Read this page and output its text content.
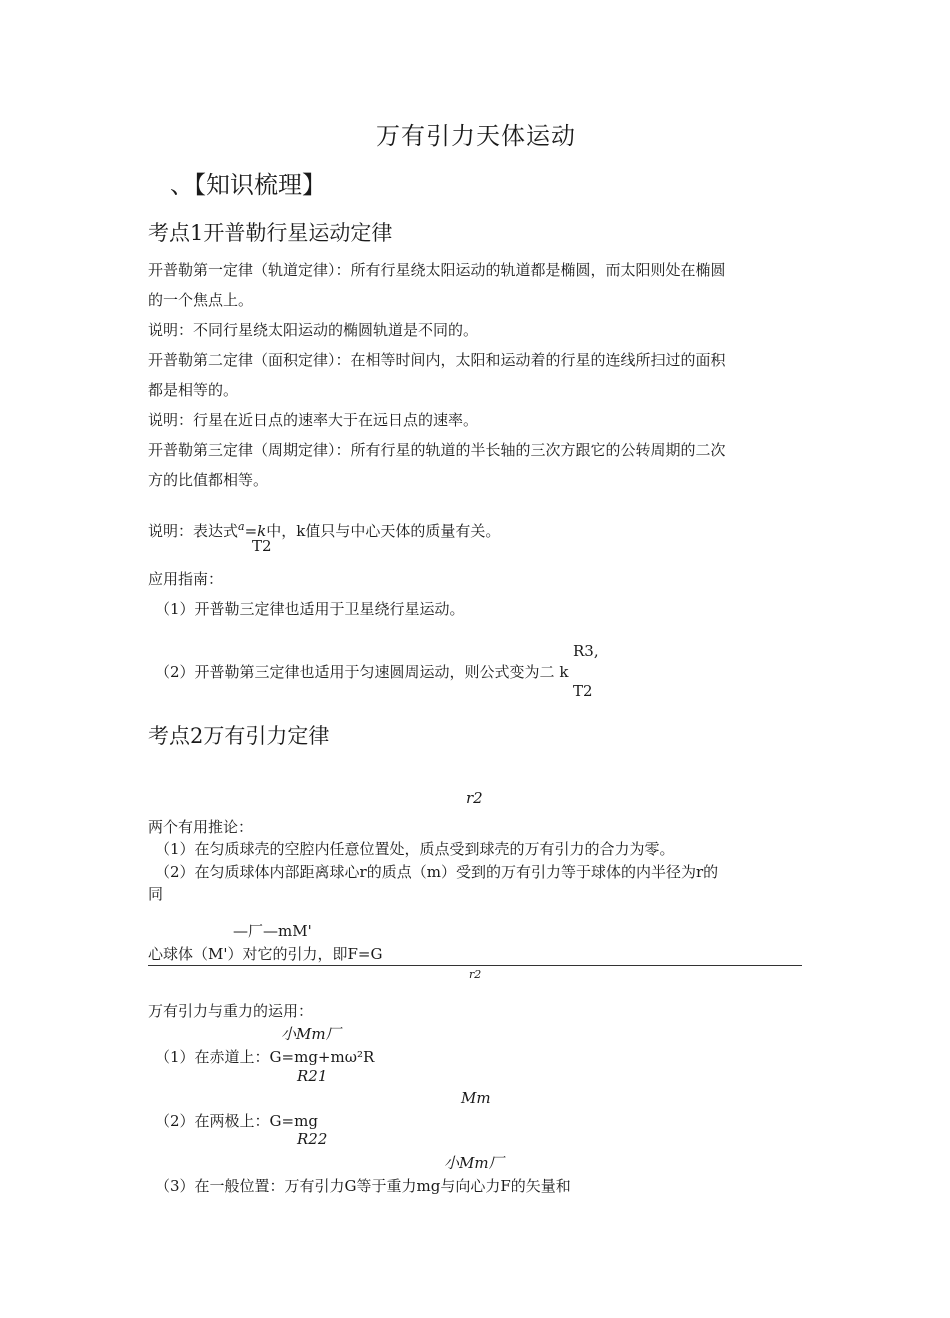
万有引力天体运动
、【知识梳理】
考点1开普勒行星运动定律
开普勒第一定律（轨道定律）：所有行星绕太阳运动的轨道都是椭圆，而太阳则处在椭圆
的一个焦点上。
说明：不同行星绕太阳运动的椭圆轨道是不同的。
开普勒第二定律（面积定律）：在相等时间内，太阳和运动着的行星的连线所扫过的面积
都是相等的。
说明：行星在近日点的速率大于在远日点的速率。
开普勒第三定律（周期定律）：所有行星的轨道的半长轴的三次方跟它的公转周期的二次
方的比值都相等。
说明：表达式$^a$=k中，k值只与中心天体的质量有关。
T2
应用指南：
（1）开普勒三定律也适用于卫星绕行星运动。
R3,
（2）开普勒第三定律也适用于匀速圆周运动，则公式变为二 k
T2
考点2万有引力定律
r2
两个有用推论：
（1）在匀质球壳的空腔内任意位置处，质点受到球壳的万有引力的合力为零。
（2）在匀质球体内部距离球心r的质点（m）受到的万有引力等于球体的内半径为r的
同
—厂—mM'
心球体（M'）对它的引力，即F=G
r2
万有引力与重力的运用：
小Mm厂
（1）在赤道上：G=mg+mω²R
R21
Mm
（2）在两极上：G=mg
R22
小Mm厂
（3）在一般位置：万有引力G等于重力mg与向心力F的矢量和
